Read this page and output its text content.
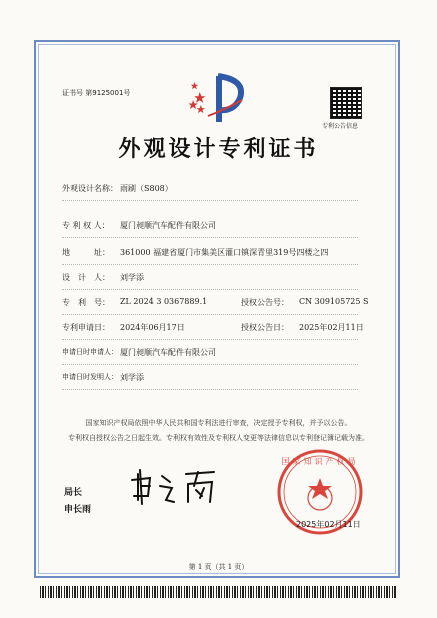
证书号 第9125001号
专利公告信息
外观设计专利证书
外观设计名称： 雨刷（S808）
专 利 权 人： 厦门昶顺汽车配件有限公司
地　　　址： 361000 福建省厦门市集美区灌口镇深青里319号四楼之四
设　计　人： 刘学添
专　利　号： ZL 2024 3 0367889.1	授权公告号： CN 309105725 S
专利申请日： 2024年06月17日	授权公告日： 2025年02月11日
申请日时申请人： 厦门昶顺汽车配件有限公司
申请日时发明人： 刘学添
国家知识产权局依照中华人民共和国专利法进行审查，决定授予专利权，并予以公告。
专利权自授权公告之日起生效。专利权有效性及专利权人变更等法律信息以专利登记簿记载为准。
局长
申长雨
国家知识产权局
2025年02月11日
第 1 页（共 1 页）
